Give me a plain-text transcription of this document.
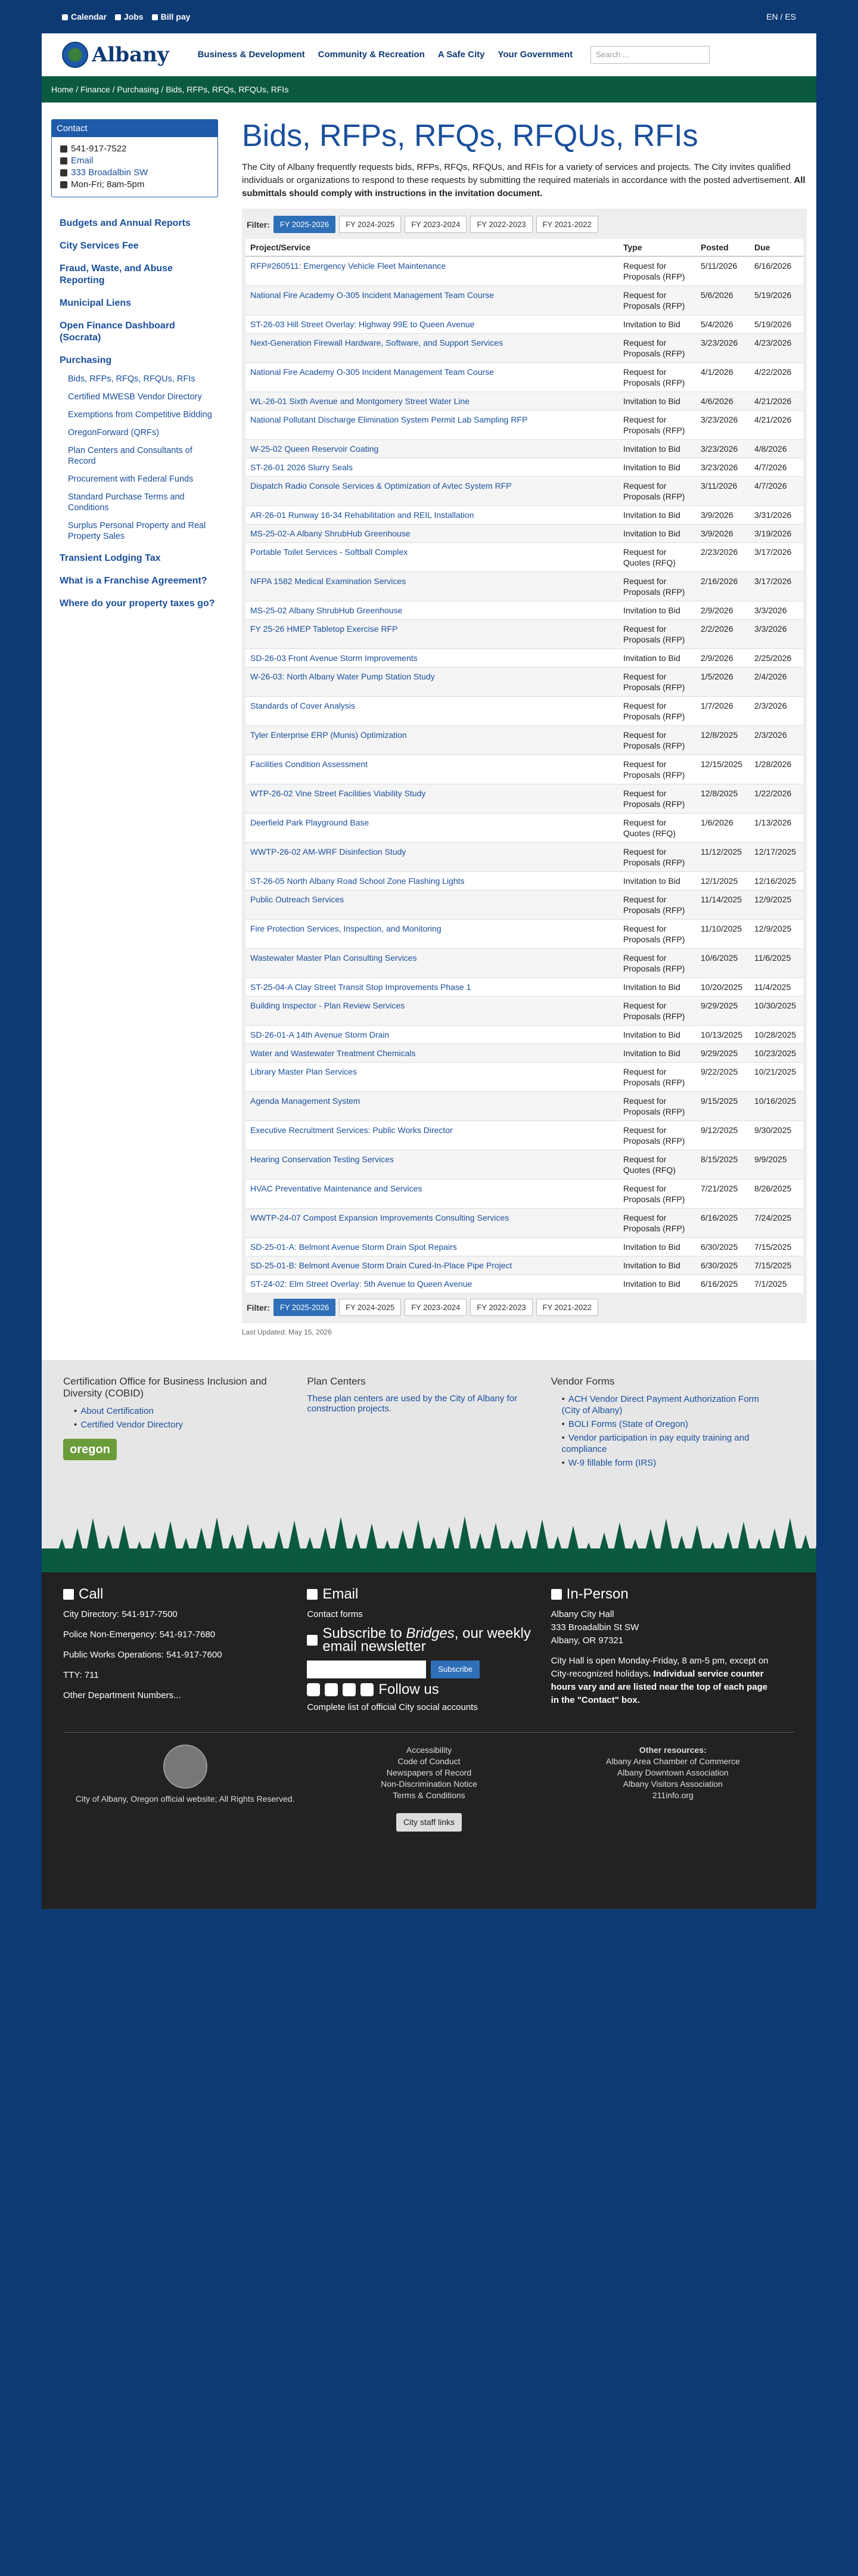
Calendar Jobs Bill pay	EN / ES
Albany	Business & Development Community & Recreation A Safe City Your Government	Search ...
Home / Finance / Purchasing / Bids, RFPs, RFQs, RFQUs, RFIs
Contact
541-917-7522
Email
333 Broadalbin SW
Mon-Fri; 8am-5pm
Budgets and Annual Reports
City Services Fee
Fraud, Waste, and Abuse Reporting
Municipal Liens
Open Finance Dashboard (Socrata)
Purchasing
Bids, RFPs, RFQs, RFQUs, RFIs
Certified MWESB Vendor Directory
Exemptions from Competitive Bidding
OregonForward (QRFs)
Plan Centers and Consultants of Record
Procurement with Federal Funds
Standard Purchase Terms and Conditions
Surplus Personal Property and Real Property Sales
Transient Lodging Tax
What is a Franchise Agreement?
Where do your property taxes go?
Bids, RFPs, RFQs, RFQUs, RFIs

The City of Albany frequently requests bids, RFPs, RFQs, RFQUs, and RFIs for a variety of services and projects. The City invites qualified individuals or organizations to respond to these requests by submitting the required materials in accordance with the posted advertisement. All submittals should comply with instructions in the invitation document.

Filter:	FY 2025-2026 FY 2024-2025 FY 2023-2024 FY 2022-2023 FY 2021-2022
Project/Service	Type	Posted	Due
RFP#260511: Emergency Vehicle Fleet Maintenance	Request for Proposals (RFP)	5/11/2026	6/16/2026
National Fire Academy O-305 Incident Management Team Course	Request for Proposals (RFP)	5/6/2026	5/19/2026
ST-26-03 Hill Street Overlay: Highway 99E to Queen Avenue	Invitation to Bid	5/4/2026	5/19/2026
Next-Generation Firewall Hardware, Software, and Support Services	Request for Proposals (RFP)	3/23/2026	4/23/2026
National Fire Academy O-305 Incident Management Team Course	Request for Proposals (RFP)	4/1/2026	4/22/2026
WL-26-01 Sixth Avenue and Montgomery Street Water Line	Invitation to Bid	4/6/2026	4/21/2026
National Pollutant Discharge Elimination System Permit Lab Sampling RFP	Request for Proposals (RFP)	3/23/2026	4/21/2026
W-25-02 Queen Reservoir Coating	Invitation to Bid	3/23/2026	4/8/2026
ST-26-01 2026 Slurry Seals	Invitation to Bid	3/23/2026	4/7/2026
Dispatch Radio Console Services & Optimization of Avtec System RFP	Request for Proposals (RFP)	3/11/2026	4/7/2026
AR-26-01 Runway 16-34 Rehabilitation and REIL Installation	Invitation to Bid	3/9/2026	3/31/2026
MS-25-02-A Albany ShrubHub Greenhouse	Invitation to Bid	3/9/2026	3/19/2026
Portable Toilet Services - Softball Complex	Request for Quotes (RFQ)	2/23/2026	3/17/2026
NFPA 1582 Medical Examination Services	Request for Proposals (RFP)	2/16/2026	3/17/2026
MS-25-02 Albany ShrubHub Greenhouse	Invitation to Bid	2/9/2026	3/3/2026
FY 25-26 HMEP Tabletop Exercise RFP	Request for Proposals (RFP)	2/2/2026	3/3/2026
SD-26-03 Front Avenue Storm Improvements	Invitation to Bid	2/9/2026	2/25/2026
W-26-03: North Albany Water Pump Station Study	Request for Proposals (RFP)	1/5/2026	2/4/2026
Standards of Cover Analysis	Request for Proposals (RFP)	1/7/2026	2/3/2026
Tyler Enterprise ERP (Munis) Optimization	Request for Proposals (RFP)	12/8/2025	2/3/2026
Facilities Condition Assessment	Request for Proposals (RFP)	12/15/2025	1/28/2026
WTP-26-02 Vine Street Facilities Viability Study	Request for Proposals (RFP)	12/8/2025	1/22/2026
Deerfield Park Playground Base	Request for Quotes (RFQ)	1/6/2026	1/13/2026
WWTP-26-02 AM-WRF Disinfection Study	Request for Proposals (RFP)	11/12/2025	12/17/2025
ST-26-05 North Albany Road School Zone Flashing Lights	Invitation to Bid	12/1/2025	12/16/2025
Public Outreach Services	Request for Proposals (RFP)	11/14/2025	12/9/2025
Fire Protection Services, Inspection, and Monitoring	Request for Proposals (RFP)	11/10/2025	12/9/2025
Wastewater Master Plan Consulting Services	Request for Proposals (RFP)	10/6/2025	11/6/2025
ST-25-04-A Clay Street Transit Stop Improvements Phase 1	Invitation to Bid	10/20/2025	11/4/2025
Building Inspector - Plan Review Services	Request for Proposals (RFP)	9/29/2025	10/30/2025
SD-26-01-A 14th Avenue Storm Drain	Invitation to Bid	10/13/2025	10/28/2025
Water and Wastewater Treatment Chemicals	Invitation to Bid	9/29/2025	10/23/2025
Library Master Plan Services	Request for Proposals (RFP)	9/22/2025	10/21/2025
Agenda Management System	Request for Proposals (RFP)	9/15/2025	10/16/2025
Executive Recruitment Services: Public Works Director	Request for Proposals (RFP)	9/12/2025	9/30/2025
Hearing Conservation Testing Services	Request for Quotes (RFQ)	8/15/2025	9/9/2025
HVAC Preventative Maintenance and Services	Request for Proposals (RFP)	7/21/2025	8/26/2025
WWTP-24-07 Compost Expansion Improvements Consulting Services	Request for Proposals (RFP)	6/16/2025	7/24/2025
SD-25-01-A: Belmont Avenue Storm Drain Spot Repairs	Invitation to Bid	6/30/2025	7/15/2025
SD-25-01-B: Belmont Avenue Storm Drain Cured-In-Place Pipe Project	Invitation to Bid	6/30/2025	7/15/2025
ST-24-02: Elm Street Overlay: 5th Avenue to Queen Avenue	Invitation to Bid	6/16/2025	7/1/2025
Filter:	FY 2025-2026 FY 2024-2025 FY 2023-2024 FY 2022-2023 FY 2021-2022
Last Updated: May 15, 2026
Certification Office for Business Inclusion and Diversity (COBID)
• About Certification
• Certified Vendor Directory
oregon
Plan Centers
These plan centers are used by the City of Albany for construction projects.
Vendor Forms
• ACH Vendor Direct Payment Authorization Form (City of Albany)
• BOLI Forms (State of Oregon)
• Vendor participation in pay equity training and compliance
• W-9 fillable form (IRS)
Call
City Directory: 541-917-7500
Police Non-Emergency: 541-917-7680
Public Works Operations: 541-917-7600
TTY: 711
Other Department Numbers...
Email
Contact forms
Subscribe to Bridges, our weekly email newsletter
Subscribe
Follow us
Complete list of official City social accounts
In-Person
Albany City Hall
333 Broadalbin St SW
Albany, OR 97321

City Hall is open Monday-Friday, 8 am-5 pm, except on City-recognized holidays. Individual service counter hours vary and are listed near the top of each page in the "Contact" box.

City of Albany, Oregon official website; All Rights Reserved.
Accessibility
Code of Conduct
Newspapers of Record
Non-Discrimination Notice
Terms & Conditions
City staff links
Other resources:
Albany Area Chamber of Commerce
Albany Downtown Association
Albany Visitors Association
211info.org
